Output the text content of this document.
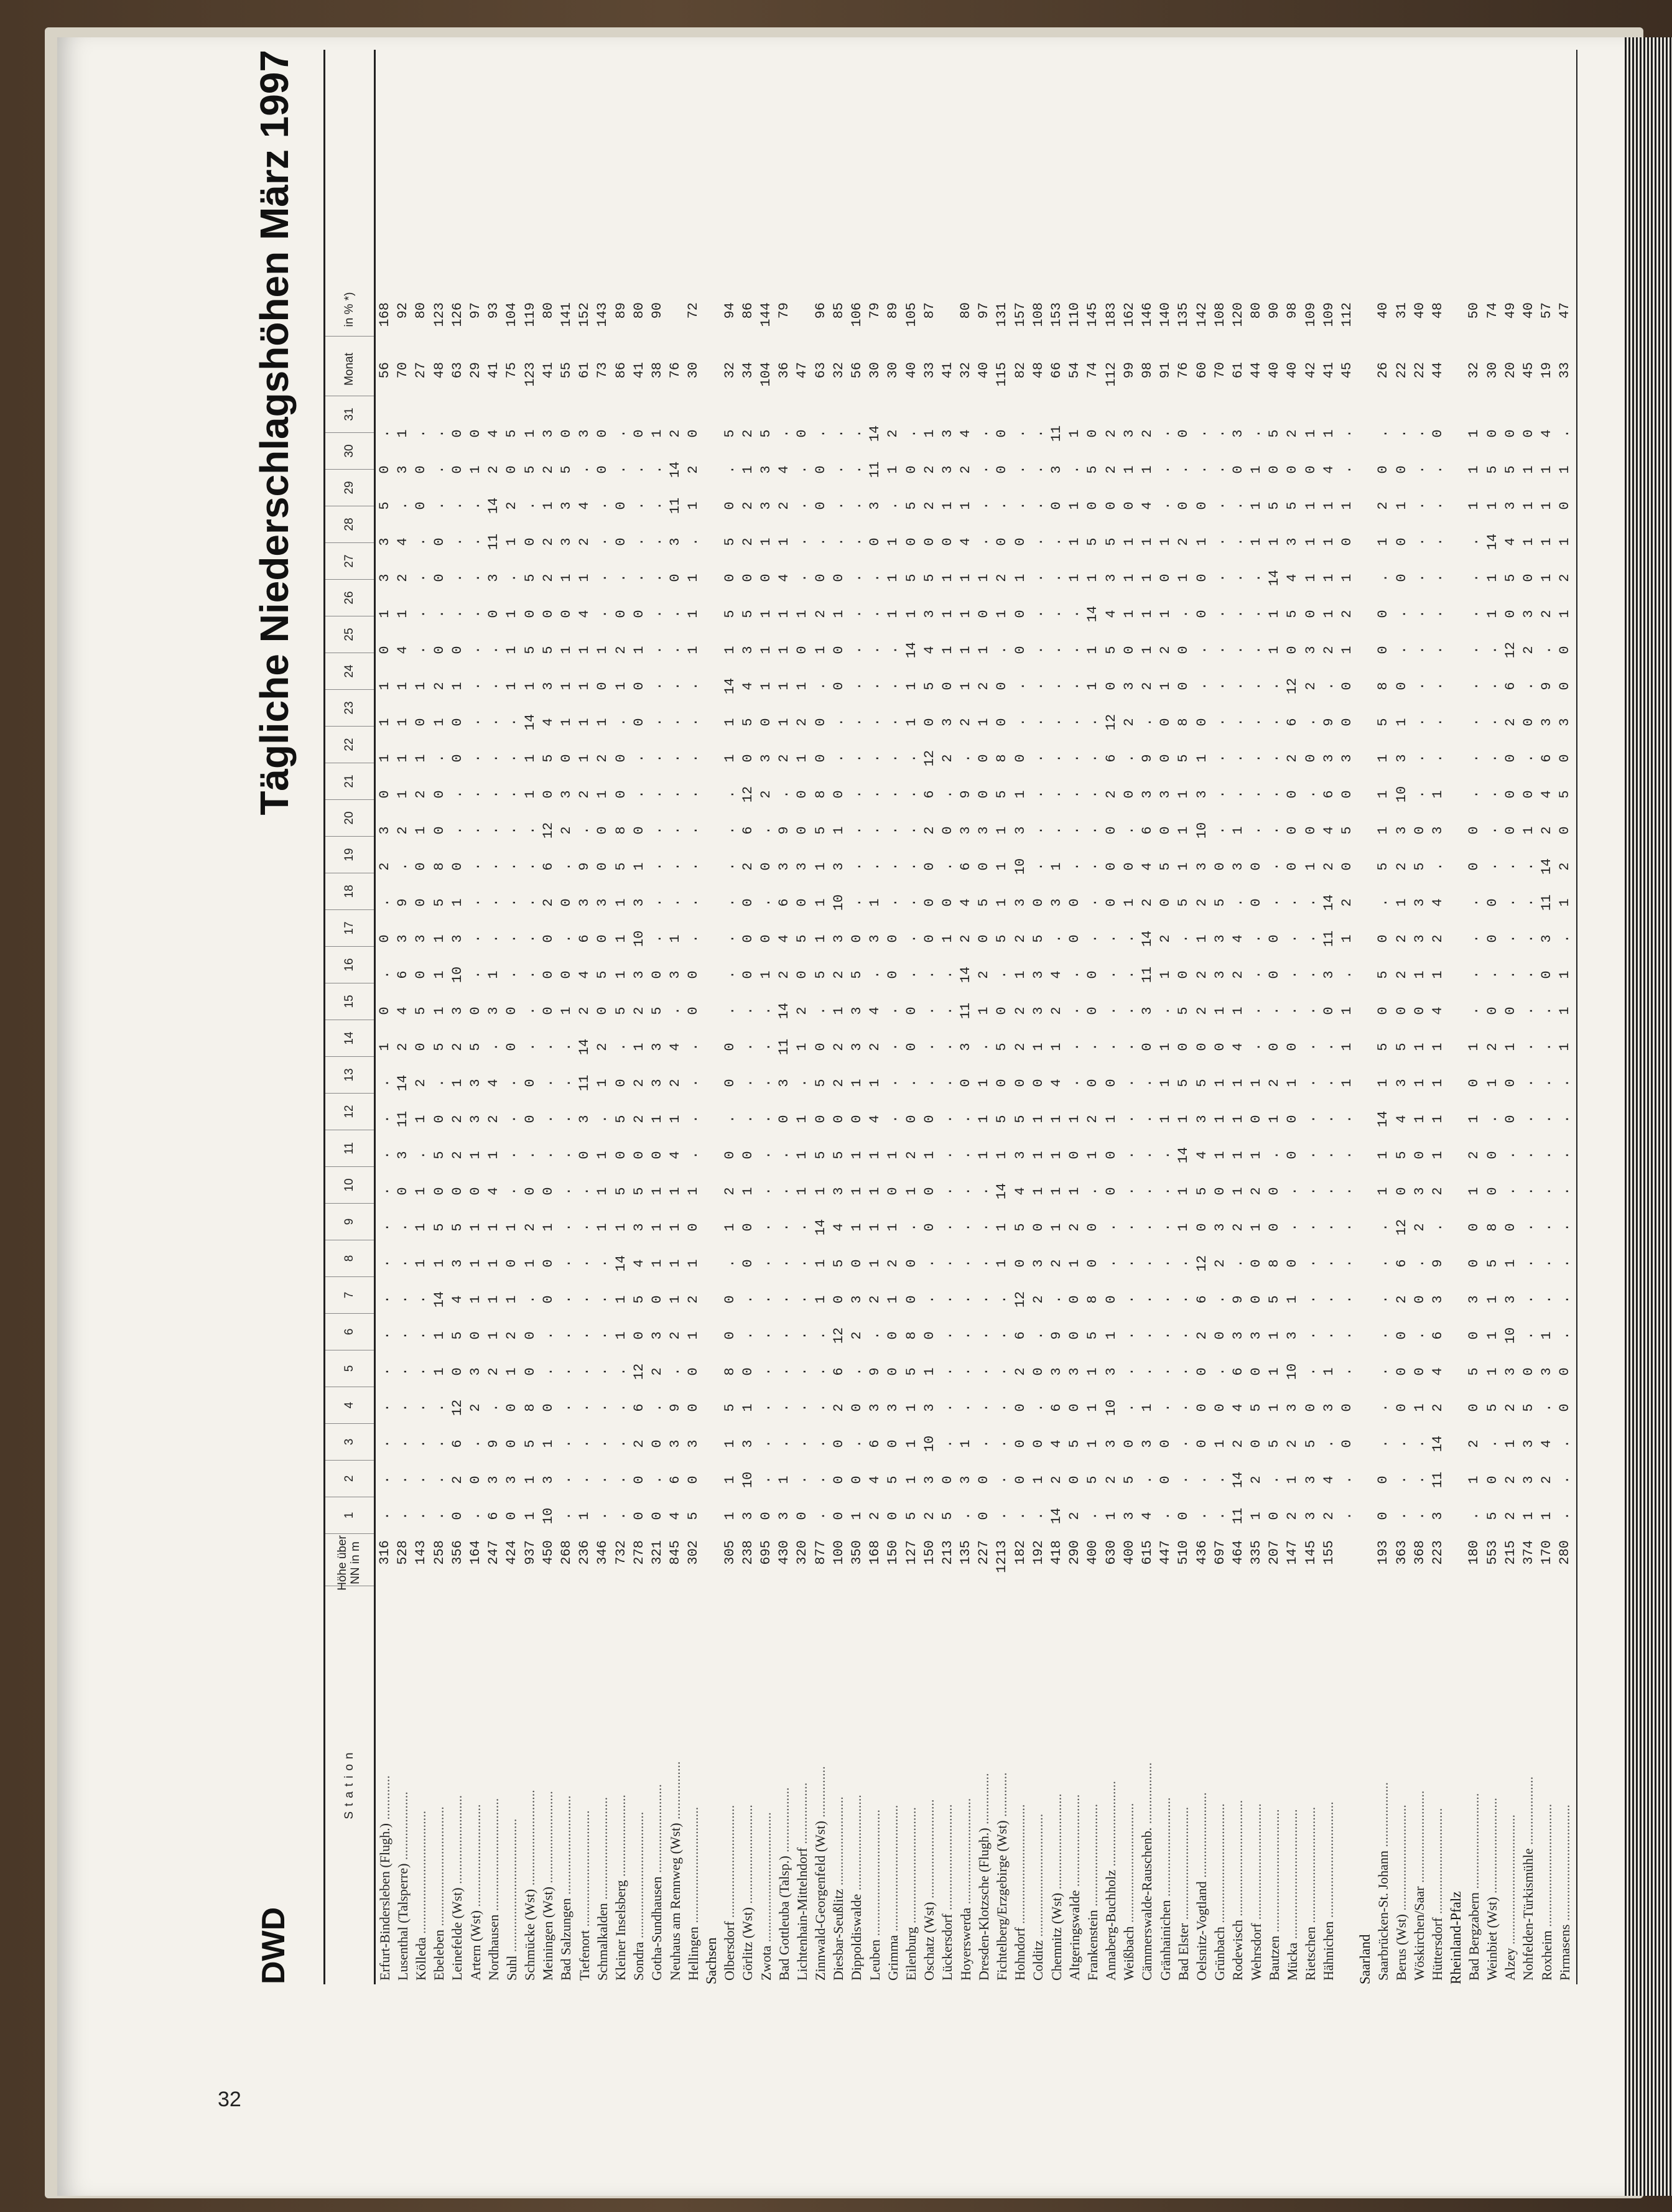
32
DWD
Tägliche Niederschlagshöhen März 1997
Station
Höhe über NN in m
1
2
3
4
5
6
7
8
9
10
11
12
13
14
15
16
17
18
19
20
21
22
23
24
25
26
27
28
29
30
31
Monat
in % *)
Erfurt-Bindersleben (Flugh.) .............
316
.
.
.
.
.
.
.
.
.
.
.
.
.
1
0
.
0
.
2
3
0
1
1
1
0
1
3
3
5
0
.
56
168
Lusenthal (Talsperre) ....................
528
.
.
.
.
.
.
.
.
.
0
3
11
14
2
4
6
3
9
.
2
1
1
1
1
4
1
2
4
.
3
1
70
92
Kölleda ....................................
143
.
.
.
.
.
.
.
1
1
1
.
1
2
0
5
0
3
0
0
1
2
1
0
1
.
.
.
.
0
0
.
27
80
Ebeleben ...................................
258
.
.
.
.
1
1
14
1
5
0
5
0
.
5
1
1
1
5
8
0
0
.
1
2
0
.
0
0
.
.
.
48
123
Leinefelde (Wst) ..........................
356
0
2
6
12
0
5
4
3
5
0
2
2
1
2
3
10
3
1
0
.
.
0
0
1
0
.
.
.
.
0
0
63
126
Artern (Wst) ..............................
164
.
0
.
2
3
0
1
1
1
0
1
3
3
5
0
.
.
.
.
.
.
.
.
.
.
.
.
.
.
1
0
29
97
Nordhausen .................................
247
6
3
9
.
2
1
1
1
1
4
1
2
4
.
3
1
.
.
.
.
.
.
.
.
.
0
3
11
14
2
4
41
93
Suhl .......................................
424
0
3
0
0
1
2
1
0
1
.
.
.
.
0
0
.
.
.
.
.
.
.
.
1
1
1
.
1
2
0
5
75
104
Schmücke (Wst) ............................
937
1
1
5
8
0
0
.
1
2
0
.
0
0
.
.
.
.
.
.
.
1
1
14
1
5
0
5
0
.
5
1
123
119
Meiningen (Wst) ...........................
450
10
3
1
0
.
.
0
0
1
0
.
.
.
.
0
0
0
2
6
12
0
5
4
3
5
0
2
2
1
2
3
41
80
Bad Salzungen .............................
268
.
.
.
.
.
.
.
.
.
.
.
.
.
.
1
0
.
0
.
2
3
0
1
1
1
0
1
3
3
5
0
55
141
Tiefenort ..................................
236
1
.
.
.
.
.
.
.
.
.
0
3
11
14
2
4
6
3
9
.
2
1
1
1
1
4
1
2
4
.
3
61
152
Schmalkalden ..............................
346
.
.
.
.
.
.
.
.
1
1
1
.
1
2
0
5
0
3
0
0
1
2
1
0
1
.
.
.
.
0
0
73
143
Kleiner Inselsberg ........................
732
.
.
.
.
.
1
1
14
1
5
0
5
0
.
5
1
1
1
5
8
0
0
.
1
2
0
.
0
0
.
.
86
89
Sondra .....................................
278
0
0
2
6
12
0
5
4
3
5
0
2
2
1
2
3
10
3
1
0
.
.
0
0
1
0
.
.
.
.
0
41
80
Gotha-Sundhausen ..........................
321
0
.
0
.
2
3
0
1
1
1
0
1
3
3
5
0
.
.
.
.
.
.
.
.
.
.
.
.
.
.
1
38
90
Neuhaus am Rennweg (Wst) .................
845
4
6
3
9
.
2
1
1
1
1
4
1
2
4
.
3
1
.
.
.
.
.
.
.
.
.
0
3
11
14
2
76
Hellingen ..................................
302
5
0
3
0
0
1
2
1
0
1
.
.
.
.
0
0
.
.
.
.
.
.
.
.
1
1
1
.
1
2
0
30
72
Sachsen Olbersdorf .................................
305
1
1
1
5
8
0
0
.
1
2
0
.
0
0
.
.
.
.
.
.
.
1
1
14
1
5
0
5
0
.
5
32
94
Görlitz (Wst) .............................
238
3
10
3
1
0
.
.
0
0
1
0
.
.
.
.
0
0
0
2
6
12
0
5
4
3
5
0
2
2
1
2
34
86
Zwota ......................................
695
0
.
.
.
.
.
.
.
.
.
.
.
.
.
.
1
0
.
0
.
2
3
0
1
1
1
0
1
3
3
5
104
144
Bad Gottleuba (Talsp.) ...................
430
3
1
.
.
.
.
.
.
.
.
.
0
3
11
14
2
4
6
3
9
.
2
1
1
1
1
4
1
2
4
.
36
79
Lichtenhain-Mittelndorf ..................
320
0
.
.
.
.
.
.
.
.
1
1
1
.
1
2
0
5
0
3
0
0
1
2
1
0
1
.
.
.
.
0
47
Zinnwald-Georgenfeld (Wst) ...............
877
.
.
.
.
.
.
1
1
14
1
5
0
5
0
.
5
1
1
1
5
8
0
0
.
1
2
0
.
0
0
.
63
96
Diesbar-Seußlitz ..........................
100
0
0
0
2
6
12
0
5
4
3
5
0
2
2
1
2
3
10
3
1
0
.
.
0
0
1
0
.
.
.
.
32
85
Dippoldiswalde ............................
350
1
0
.
0
.
2
3
0
1
1
1
0
1
3
3
5
0
.
.
.
.
.
.
.
.
.
.
.
.
.
.
56
106
Leuben .....................................
168
2
4
6
3
9
.
2
1
1
1
1
4
1
2
4
.
3
1
.
.
.
.
.
.
.
.
.
0
3
11
14
30
79
Grimma .....................................
150
0
5
0
3
0
0
1
2
1
0
1
.
.
.
.
0
0
.
.
.
.
.
.
.
.
1
1
1
.
1
2
30
89
Eilenburg ..................................
127
5
1
1
1
5
8
0
0
.
1
2
0
.
0
0
.
.
.
.
.
.
.
1
1
14
1
5
0
5
0
.
40
105
Oschatz (Wst) .............................
150
2
3
10
3
1
0
.
.
0
0
1
0
.
.
.
.
0
0
0
2
6
12
0
5
4
3
5
0
2
2
1
33
87
Lückersdorf ...............................
213
5
0
.
.
.
.
.
.
.
.
.
.
.
.
.
.
1
0
.
0
.
2
3
0
1
1
1
0
1
3
3
41
Hoyerswerda ...............................
135
.
3
1
.
.
.
.
.
.
.
.
.
0
3
11
14
2
4
6
3
9
.
2
1
1
1
1
4
1
2
4
32
80
Dresden-Klotzsche (Flugh.) ...............
227
0
0
.
.
.
.
.
.
.
.
1
1
1
.
1
2
0
5
0
3
0
0
1
2
1
0
1
.
.
.
.
40
97
Fichtelberg/Erzgebirge (Wst) .............
1213
.
.
.
.
.
.
.
1
1
14
1
5
0
5
0
.
5
1
1
1
5
8
0
0
.
1
2
0
.
0
0
115
131
Hohndorf ...................................
182
.
0
0
0
2
6
12
0
5
4
3
5
0
2
2
1
2
3
10
3
1
0
.
.
0
0
1
0
.
.
.
82
157
Colditz ....................................
192
.
1
0
.
0
.
2
3
0
1
1
1
0
1
3
3
5
0
.
.
.
.
.
.
.
.
.
.
.
.
.
48
108
Chemnitz (Wst) ............................
418
14
2
4
6
3
9
.
2
1
1
1
1
4
1
2
4
.
3
1
.
.
.
.
.
.
.
.
.
0
3
11
66
153
Altgeringswalde ...........................
290
2
0
5
0
3
0
0
1
2
1
0
1
.
.
.
.
0
0
.
.
.
.
.
.
.
.
1
1
1
.
1
54
110
Frankenstein ..............................
400
.
5
1
1
1
5
8
0
0
.
1
2
0
.
0
0
.
.
.
.
.
.
.
1
1
14
1
5
0
5
0
74
145
Annaberg-Buchholz .........................
630
1
2
3
10
3
1
0
.
.
0
0
1
0
.
.
.
.
0
0
0
2
6
12
0
5
4
3
5
0
2
2
112
183
Weißbach ...................................
400
3
5
0
.
.
.
.
.
.
.
.
.
.
.
.
.
.
1
0
.
0
.
2
3
0
1
1
1
0
1
3
99
162
Cämmerswalde-Rauschenb. ..................
615
4
.
3
1
.
.
.
.
.
.
.
.
.
0
3
11
14
2
4
6
3
9
.
2
1
1
1
1
4
1
2
98
146
Gränhainichen .............................
447
.
0
0
.
.
.
.
.
.
.
.
1
1
1
.
1
2
0
5
0
3
0
0
1
2
1
0
1
.
.
.
91
140
Bad Elster .................................
510
0
.
.
.
.
.
.
.
1
1
14
1
5
0
5
0
.
5
1
1
1
5
8
0
0
.
1
2
0
.
0
76
135
Oelsnitz-Vogtland .........................
436
.
.
0
0
0
2
6
12
0
5
4
3
5
0
2
2
1
2
3
10
3
1
0
.
.
0
0
1
0
.
.
60
142
Grünbach ...................................
697
.
.
1
0
.
0
.
2
3
0
1
1
1
0
1
3
3
5
0
.
.
.
.
.
.
.
.
.
.
.
.
70
108
Rodewisch ..................................
464
11
14
2
4
6
3
9
.
2
1
1
1
1
4
1
2
4
.
3
1
.
.
.
.
.
.
.
.
.
0
3
61
120
Wehrsdorf ..................................
335
1
2
0
5
0
3
0
0
1
2
1
0
1
.
.
.
.
0
0
.
.
.
.
.
.
.
.
1
1
1
.
44
80
Bautzen ....................................
207
0
.
5
1
1
1
5
8
0
0
.
1
2
0
.
0
0
.
.
.
.
.
.
.
1
1
14
1
5
0
5
40
90
Mücka ......................................
147
2
1
2
3
10
3
1
0
.
.
0
0
1
0
.
.
.
.
0
0
0
2
6
12
0
5
4
3
5
0
2
40
98
Rietschen ..................................
145
3
3
5
0
.
.
.
.
.
.
.
.
.
.
.
.
.
.
1
0
.
0
.
2
3
0
1
1
1
0
1
42
109
Hähnichen ..................................
155
2
4
.
3
1
.
.
.
.
.
.
.
.
.
0
3
11
14
2
4
6
3
9
.
2
1
1
1
1
4
1
41
109
.
.
0
0
.
.
.
.
.
.
.
.
1
1
1
.
1
2
0
5
0
3
0
0
1
2
1
0
1
.
.
45
112
Saarland Saarbrücken-St. Johann ...................
193
0
0
.
.
.
.
.
.
.
1
1
14
1
5
0
5
0
.
5
1
1
1
5
8
0
0
.
1
2
0
.
26
40
Berus (Wst) ...............................
363
.
.
.
0
0
0
2
6
12
0
5
4
3
5
0
2
2
1
2
3
10
3
1
0
.
.
0
0
1
0
.
22
31
Wöskirchen/Saar ...........................
368
.
.
.
1
0
.
0
.
2
3
0
1
1
1
0
1
3
3
5
0
.
.
.
.
.
.
.
.
.
.
.
22
40
Hüttersdorf ...............................
223
3
11
14
2
4
6
3
9
.
2
1
1
1
1
4
1
2
4
.
3
1
.
.
.
.
.
.
.
.
.
0
44
48
Rheinland-Pfalz Bad Bergzabern ............................
180
.
1
2
0
5
0
3
0
0
1
2
1
0
1
.
.
.
.
0
0
.
.
.
.
.
.
.
.
1
1
1
32
50
Weinbiet (Wst) ............................
553
5
0
.
5
1
1
1
5
8
0
0
.
1
2
0
.
0
0
.
.
.
.
.
.
.
1
1
14
1
5
0
30
74
Alzey ......................................
215
2
2
1
2
3
10
3
1
0
.
.
0
0
1
0
.
.
.
.
0
0
0
2
6
12
0
5
4
3
5
0
20
49
Nohfelden-Türkismühle ....................
374
1
3
3
5
0
.
.
.
.
.
.
.
.
.
.
.
.
.
.
1
0
.
0
.
2
3
0
1
1
1
0
45
40
Roxheim ....................................
170
1
2
4
.
3
1
.
.
.
.
.
.
.
.
.
0
3
11
14
2
4
6
3
9
.
2
1
1
1
1
4
19
57
Pirmasens ..................................
280
.
.
.
0
0
.
.
.
.
.
.
.
.
1
1
1
.
1
2
0
5
0
3
0
0
1
2
1
0
1
.
33
47
